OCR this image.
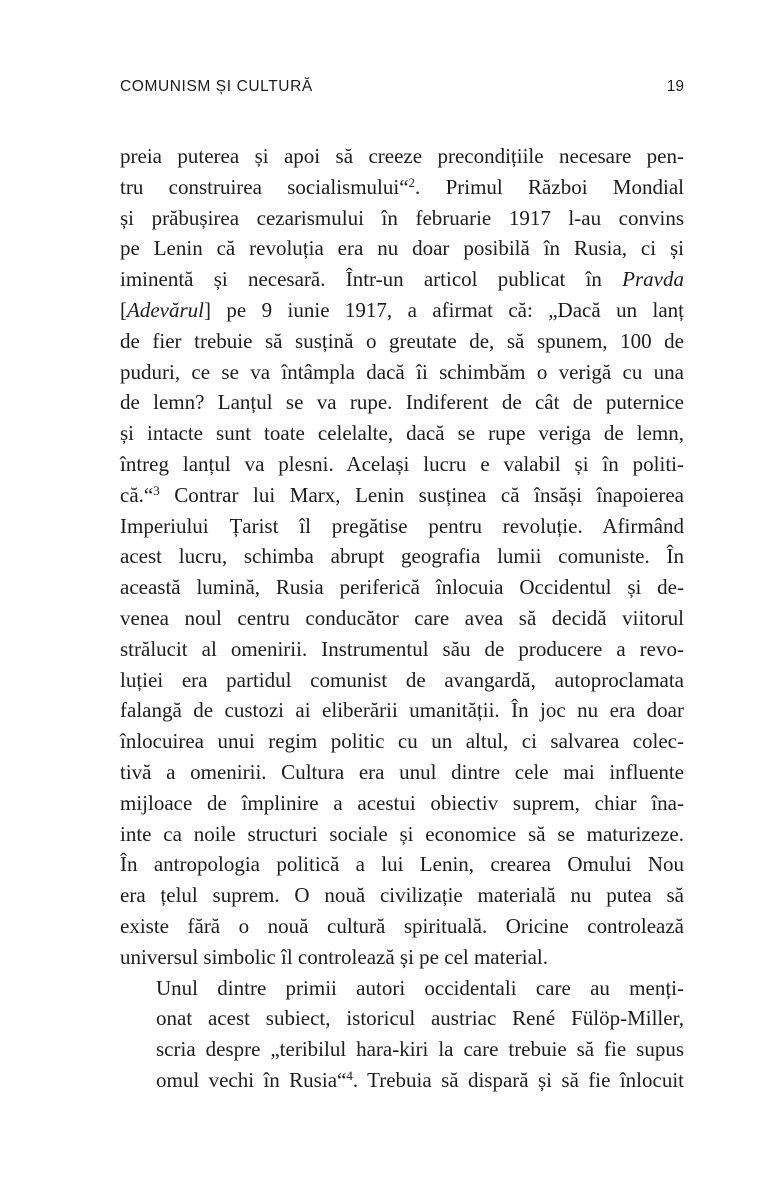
COMUNISM ȘI CULTURĂ	19

preia puterea și apoi să creeze precondițiile necesare pen-
tru construirea socialismului“$^2$. Primul Război Mondial
și prăbușirea cezarismului în februarie 1917 l-au convins
pe Lenin că revoluția era nu doar posibilă în Rusia, ci și
iminentă și necesară. Într-un articol publicat în Pravda
[Adevărul] pe 9 iunie 1917, a afirmat că: „Dacă un lanț
de fier trebuie să susțină o greutate de, să spunem, 100 de
puduri, ce se va întâmpla dacă îi schimbăm o verigă cu una
de lemn? Lanțul se va rupe. Indiferent de cât de puternice
și intacte sunt toate celelalte, dacă se rupe veriga de lemn,
întreg lanțul va plesni. Același lucru e valabil și în politi-
că.“$^3$ Contrar lui Marx, Lenin susținea că însăși înapoierea
Imperiului Țarist îl pregătise pentru revoluție. Afirmând
acest lucru, schimba abrupt geografia lumii comuniste. În
această lumină, Rusia periferică înlocuia Occidentul și de-
venea noul centru conducător care avea să decidă viitorul
strălucit al omenirii. Instrumentul său de producere a revo-
luției era partidul comunist de avangardă, autoproclamata
falangă de custozi ai eliberării umanității. În joc nu era doar
înlocuirea unui regim politic cu un altul, ci salvarea colec-
tivă a omenirii. Cultura era unul dintre cele mai influente
mijloace de împlinire a acestui obiectiv suprem, chiar îna-
inte ca noile structuri sociale și economice să se maturizeze.
În antropologia politică a lui Lenin, crearea Omului Nou
era țelul suprem. O nouă civilizație materială nu putea să
existe fără o nouă cultură spirituală. Oricine controlează
universul simbolic îl controlează și pe cel material.

Unul dintre primii autori occidentali care au menți-
onat acest subiect, istoricul austriac René Fülöp-Miller,
scria despre „teribilul hara-kiri la care trebuie să fie supus
omul vechi în Rusia“$^4$. Trebuia să dispară și să fie înlocuit
